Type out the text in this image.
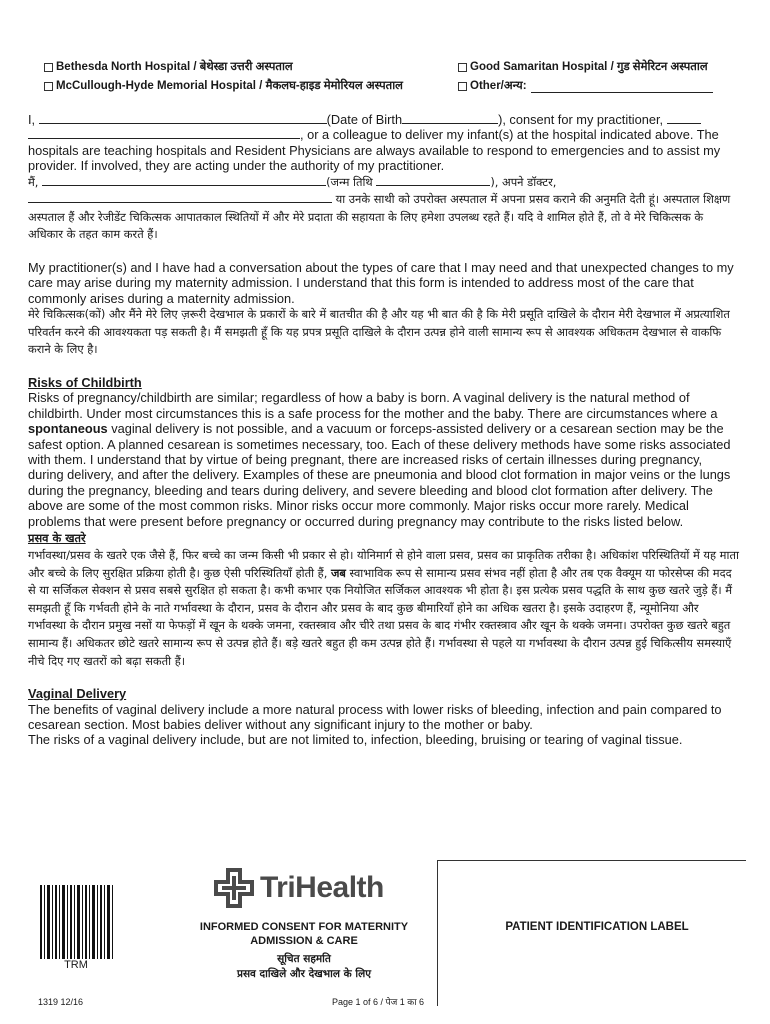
Bethesda North Hospital / बेथेस्डा उत्तरी अस्पताल
McCullough-Hyde Memorial Hospital / मैकलघ-हाइड मेमोरियल अस्पताल
Good Samaritan Hospital / गुड सेमेरिटन अस्पताल
Other/अन्य:

I,	(Date of Birth	), consent for my practitioner, , or a colleague to deliver my infant(s) at the hospital indicated above. The hospitals are teaching hospitals and Resident Physicians are always available to respond to emergencies and to assist my provider. If involved, they are acting under the authority of my practitioner.

मैं,	(जन्म तिथि	), अपने डॉक्टर,  या उनके साथी को उपरोक्त अस्पताल में अपना प्रसव कराने की अनुमति देती हूं। अस्पताल शिक्षण अस्पताल हैं और रेजीडेंट चिकित्सक आपातकाल स्थितियों में और मेरे प्रदाता की सहायता के लिए हमेशा उपलब्ध रहते हैं। यदि वे शामिल होते हैं, तो वे मेरे चिकित्सक के अधिकार के तहत काम करते हैं।

My practitioner(s) and I have had a conversation about the types of care that I may need and that unexpected changes to my care may arise during my maternity admission. I understand that this form is intended to address most of the care that commonly arises during a maternity admission.

मेरे चिकित्सक(कों) और मैंने मेरे लिए ज़रूरी देखभाल के प्रकारों के बारे में बातचीत की है और यह भी बात की है कि मेरी प्रसूति दाखिले के दौरान मेरी देखभाल में अप्रत्याशित परिवर्तन करने की आवश्यकता पड़ सकती है। मैं समझती हूँ कि यह प्रपत्र प्रसूति दाखिले के दौरान उत्पन्न होने वाली सामान्य रूप से आवश्यक अधिकतम देखभाल से वाकफि कराने के लिए है।

Risks of Childbirth

Risks of pregnancy/childbirth are similar; regardless of how a baby is born. A vaginal delivery is the natural method of childbirth. Under most circumstances this is a safe process for the mother and the baby. There are circumstances where a spontaneous vaginal delivery is not possible, and a vacuum or forceps-assisted delivery or a cesarean section may be the safest option. A planned cesarean is sometimes necessary, too. Each of these delivery methods have some risks associated with them. I understand that by virtue of being pregnant, there are increased risks of certain illnesses during pregnancy, during delivery, and after the delivery. Examples of these are pneumonia and blood clot formation in major veins or the lungs during the pregnancy, bleeding and tears during delivery, and severe bleeding and blood clot formation after delivery. The above are some of the most common risks. Minor risks occur more commonly. Major risks occur more rarely. Medical problems that were present before pregnancy or occurred during pregnancy may contribute to the risks listed below.

प्रसव के खतरे

गर्भावस्था/प्रसव के खतरे एक जैसे हैं, फिर बच्चे का जन्म किसी भी प्रकार से हो। योनिमार्ग से होने वाला प्रसव, प्रसव का प्राकृतिक तरीका है। अधिकांश परिस्थितियों में यह माता और बच्चे के लिए सुरक्षित प्रक्रिया होती है। कुछ ऐसी परिस्थितियाँ होती हैं, जब स्वाभाविक रूप से सामान्य प्रसव संभव नहीं होता है और तब एक वैक्यूम या फोरसेप्स की मदद से या सर्जिकल सेक्शन से प्रसव सबसे सुरक्षित हो सकता है। कभी कभार एक नियोजित सर्जिकल आवश्यक भी होता है। इस प्रत्येक प्रसव पद्धति के साथ कुछ खतरे जुड़े हैं। मैं समझती हूँ कि गर्भवती होने के नाते गर्भावस्था के दौरान, प्रसव के दौरान और प्रसव के बाद कुछ बीमारियाँ होने का अधिक खतरा है। इसके उदाहरण हैं, न्यूमोनिया और गर्भावस्था के दौरान प्रमुख नसों या फेफड़ों में खून के थक्के जमना, रक्तस्त्राव और चीरे तथा प्रसव के बाद गंभीर रक्तस्त्राव और खून के थक्के जमना। उपरोक्त कुछ खतरे बहुत सामान्य हैं। अधिकतर छोटे खतरे सामान्य रूप से उत्पन्न होते हैं। बड़े खतरे बहुत ही कम उत्पन्न होते हैं। गर्भावस्था से पहले या गर्भावस्था के दौरान उत्पन्न हुई चिकित्सीय समस्याएँ नीचे दिए गए खतरों को बढ़ा सकती हैं।

Vaginal Delivery

The benefits of vaginal delivery include a more natural process with lower risks of bleeding, infection and pain compared to cesarean section. Most babies deliver without any significant injury to the mother or baby.

The risks of a vaginal delivery include, but are not limited to, infection, bleeding, bruising or tearing of vaginal tissue.

TRM
1319 12/16
TriHealth
INFORMED CONSENT FOR MATERNITY ADMISSION & CARE
सूचित सहमति
प्रसव दाखिले और देखभाल के लिए
Page 1 of 6 / पेज 1 का 6
PATIENT IDENTIFICATION LABEL
